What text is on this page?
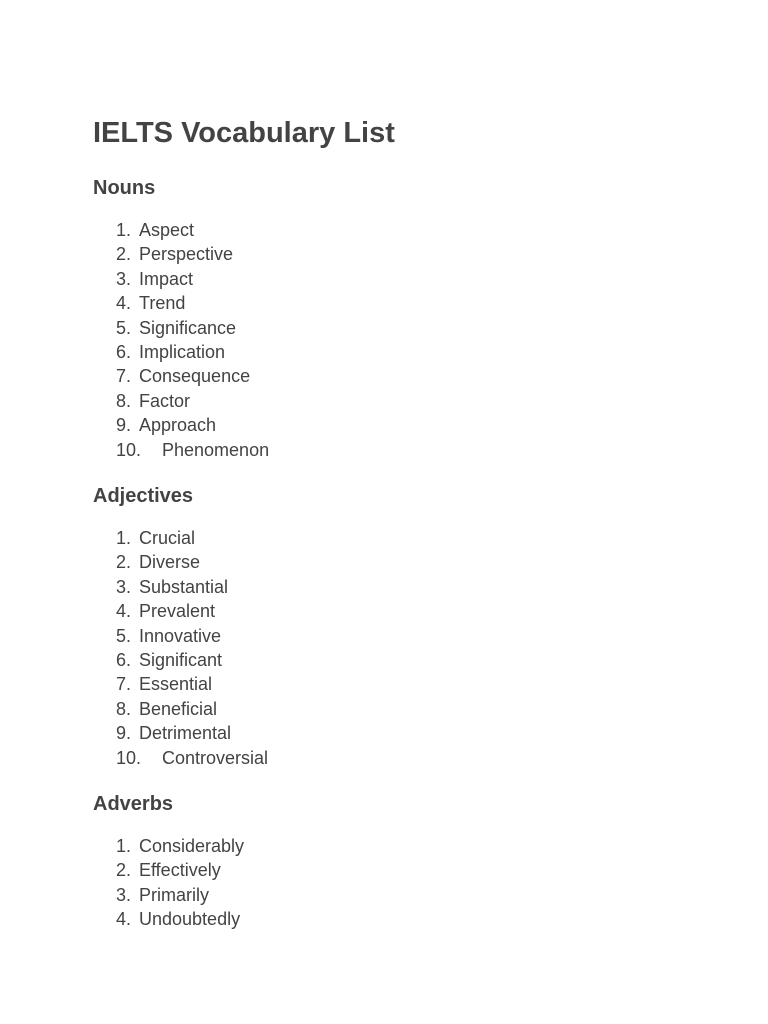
IELTS Vocabulary List
Nouns
1. Aspect
2. Perspective
3. Impact
4. Trend
5. Significance
6. Implication
7. Consequence
8. Factor
9. Approach
10. Phenomenon
Adjectives
1. Crucial
2. Diverse
3. Substantial
4. Prevalent
5. Innovative
6. Significant
7. Essential
8. Beneficial
9. Detrimental
10. Controversial
Adverbs
1. Considerably
2. Effectively
3. Primarily
4. Undoubtedly
